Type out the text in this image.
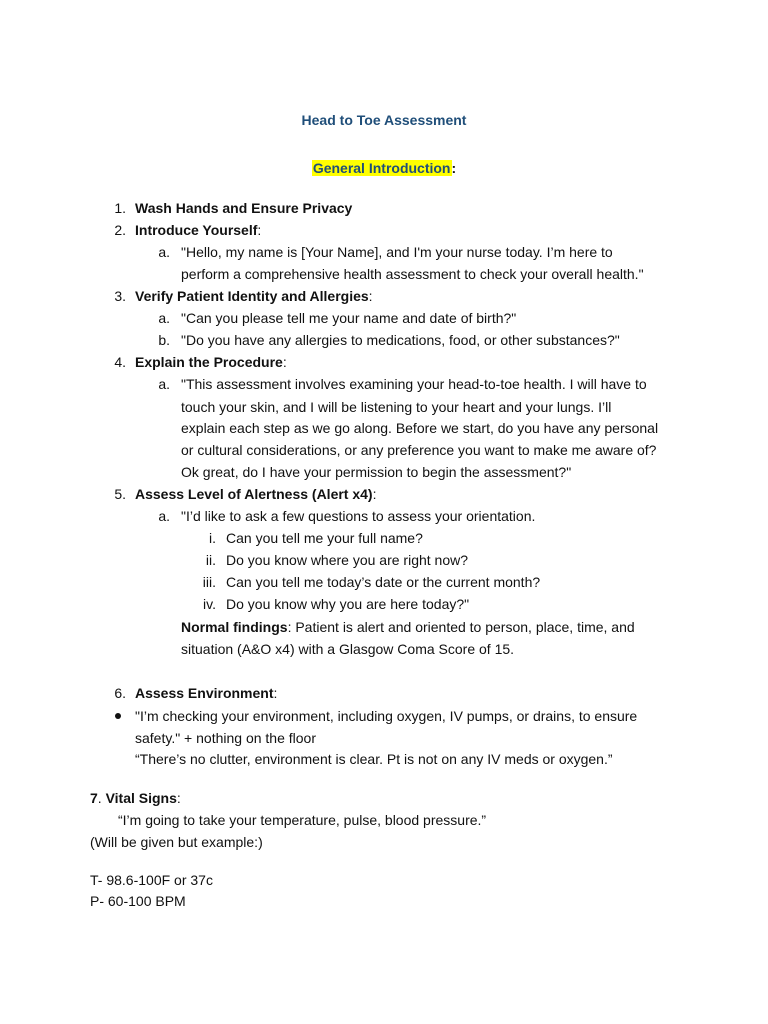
Head to Toe Assessment
General Introduction:
1. Wash Hands and Ensure Privacy
2. Introduce Yourself:
a. "Hello, my name is [Your Name], and I'm your nurse today. I’m here to
perform a comprehensive health assessment to check your overall health."
3. Verify Patient Identity and Allergies:
a. "Can you please tell me your name and date of birth?"
b. "Do you have any allergies to medications, food, or other substances?"
4. Explain the Procedure:
a. "This assessment involves examining your head-to-toe health. I will have to
touch your skin, and I will be listening to your heart and your lungs. I’ll
explain each step as we go along. Before we start, do you have any personal
or cultural considerations, or any preference you want to make me aware of?
Ok great, do I have your permission to begin the assessment?"
5. Assess Level of Alertness (Alert x4):
a. "I’d like to ask a few questions to assess your orientation.
i. Can you tell me your full name?
ii. Do you know where you are right now?
iii. Can you tell me today’s date or the current month?
iv. Do you know why you are here today?"
Normal findings: Patient is alert and oriented to person, place, time, and
situation (A&O x4) with a Glasgow Coma Score of 15.
6. Assess Environment:
"I’m checking your environment, including oxygen, IV pumps, or drains, to ensure
safety." + nothing on the floor
“There’s no clutter, environment is clear. Pt is not on any IV meds or oxygen.”
7. Vital Signs:
“I’m going to take your temperature, pulse, blood pressure.”
(Will be given but example:)
T- 98.6-100F or 37c
P- 60-100 BPM
